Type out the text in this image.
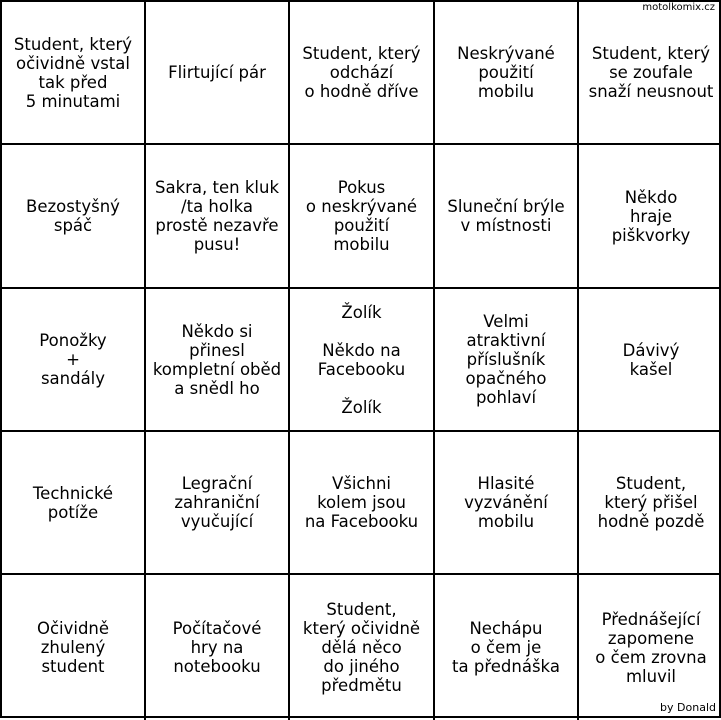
Student, který
očividně vstal
tak před
5 minutami
Flirtující pár
Student, který
odchází
o hodně dříve
Neskrývané
použití
mobilu
Student, který
se zoufale
snaží neusnout
Bezostyšný
spáč
Sakra, ten kluk
/ta holka
prostě nezavře
pusu!
Pokus
o neskrývané
použití
mobilu
Sluneční brýle
v místnosti
Někdo
hraje
piškvorky
Ponožky
+
sandály
Někdo si
přinesl
kompletní oběd
a snědl ho
Žolík

Někdo na
Facebooku

Žolík
Velmi
atraktivní
příslušník
opačného
pohlaví
Dávivý
kašel
Technické
potíže
Legrační
zahraniční
vyučující
Všichni
kolem jsou
na Facebooku
Hlasité
vyzvánění
mobilu
Student,
který přišel
hodně pozdě
Očividně
zhulený
student
Počítačové
hry na
notebooku
Student,
který očividně
dělá něco
do jiného
předmětu
Nechápu
o čem je
ta přednáška
Přednášející
zapomene
o čem zrovna
mluvil
motolkomix.cz
by Donald
